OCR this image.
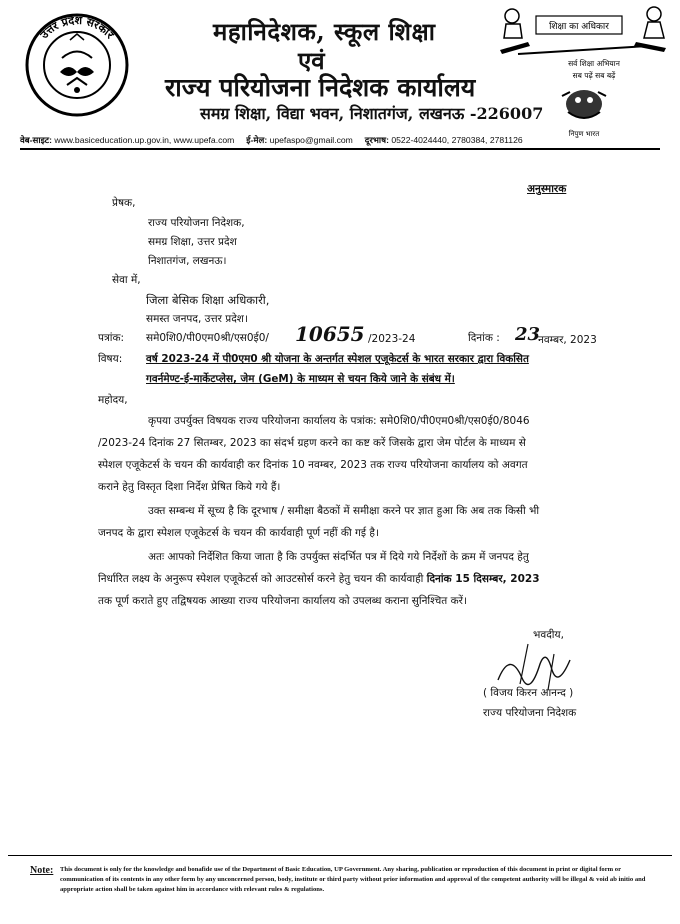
उत्तर प्रदेश सरकार	महानिदेशक, स्कूल शिक्षा
एवं
राज्य परियोजना निदेशक कार्यालय
समग्र शिक्षा, विद्या भवन, निशातगंज, लखनऊ -226007
शिक्षा का अधिकार
सर्व शिक्षा अभियान
सब पढ़ें सब बढ़ें
निपुण भारत
वेब-साइट: www.basiceducation.up.gov.in, www.upefa.com ई-मेल: upefaspo@gmail.com दूरभाष: 0522-4024440, 2780384, 2781126
अनुस्मारक
प्रेषक,
राज्य परियोजना निदेशक,
समग्र शिक्षा, उत्तर प्रदेश
निशातगंज, लखनऊ।
सेवा में,
जिला बेसिक शिक्षा अधिकारी,
समस्त जनपद, उत्तर प्रदेश।
पत्रांक: समे0शि0/पी0एम0श्री/एस0ई0/ 10655 /2023-24	दिनांक : 23
नवम्बर, 2023
विषय: वर्ष 2023-24 में पी0एम0 श्री योजना के अन्तर्गत स्पेशल एजूकेटर्स के भारत सरकार द्वारा विकसित
गवर्नमेण्ट-ई-मार्केटप्लेस, जेम (GeM) के माध्यम से चयन किये जाने के संबंध में।
महोदय,
कृपया उपर्युक्त विषयक राज्य परियोजना कार्यालय के पत्रांक: समे0शि0/पी0एम0श्री/एस0ई0/8046
/2023-24 दिनांक 27 सितम्बर, 2023 का संदर्भ ग्रहण करने का कष्ट करें जिसके द्वारा जेम पोर्टल के माध्यम से
स्पेशल एजूकेटर्स के चयन की कार्यवाही कर दिनांक 10 नवम्बर, 2023 तक राज्य परियोजना कार्यालय को अवगत
कराने हेतु विस्तृत दिशा निर्देश प्रेषित किये गये हैं।
उक्त सम्बन्ध में सूच्य है कि दूरभाष / समीक्षा बैठकों में समीक्षा करने पर ज्ञात हुआ कि अब तक किसी भी
जनपद के द्वारा स्पेशल एजूकेटर्स के चयन की कार्यवाही पूर्ण नहीं की गई है।
अतः आपको निर्देशित किया जाता है कि उपर्युक्त संदर्भित पत्र में दिये गये निर्देशों के क्रम में जनपद हेतु
निर्धारित लक्ष्य के अनुरूप स्पेशल एजूकेटर्स को आउटसोर्स करने हेतु चयन की कार्यवाही दिनांक 15 दिसम्बर, 2023
तक पूर्ण कराते हुए तद्विषयक आख्या राज्य परियोजना कार्यालय को उपलब्ध कराना सुनिश्चित करें।
भवदीय,
( विजय किरन आनन्द )
राज्य परियोजना निदेशक
Note: This document is only for the knowledge and bonafide use of the Department of Basic Education, UP Government. Any sharing, publication or reproduction of this document in print or digital form or communication of its contents in any other form by any unconcerned person, body, institute or third party without prior information and approval of the competent authority will be illegal & void ab initio and appropriate action shall be taken against him in accordance with relevant rules & regulations.
